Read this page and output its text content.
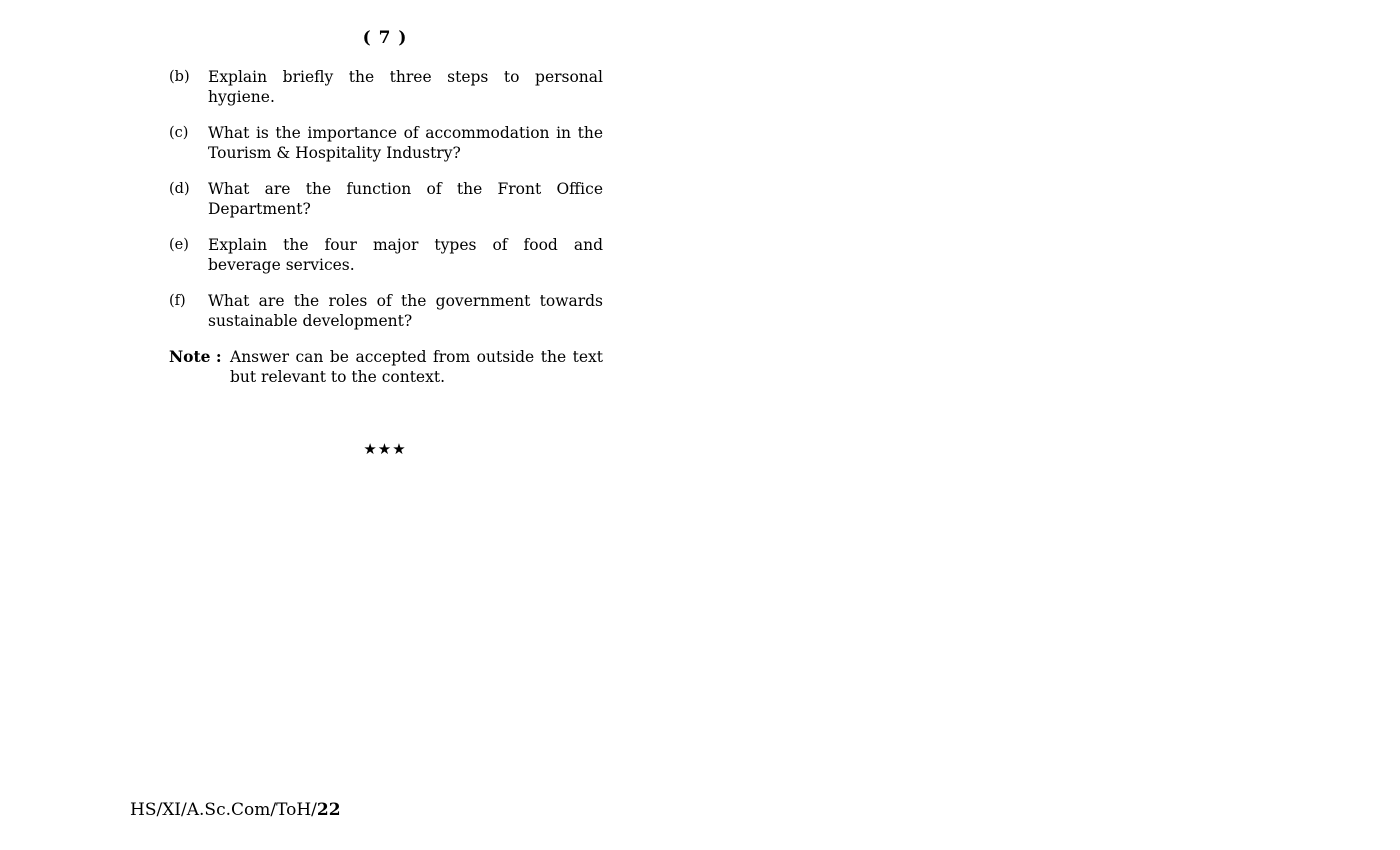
( 7 )
(b)	Explain briefly the three steps to personal hygiene.
(c)	What is the importance of accommodation in the Tourism & Hospitality Industry?
(d)	What are the function of the Front Office Department?
(e)	Explain the four major types of food and beverage services.
(f)	What are the roles of the government towards sustainable development?
Note : Answer can be accepted from outside the text but relevant to the context.
★★★
HS/XI/A.Sc.Com/ToH/22
